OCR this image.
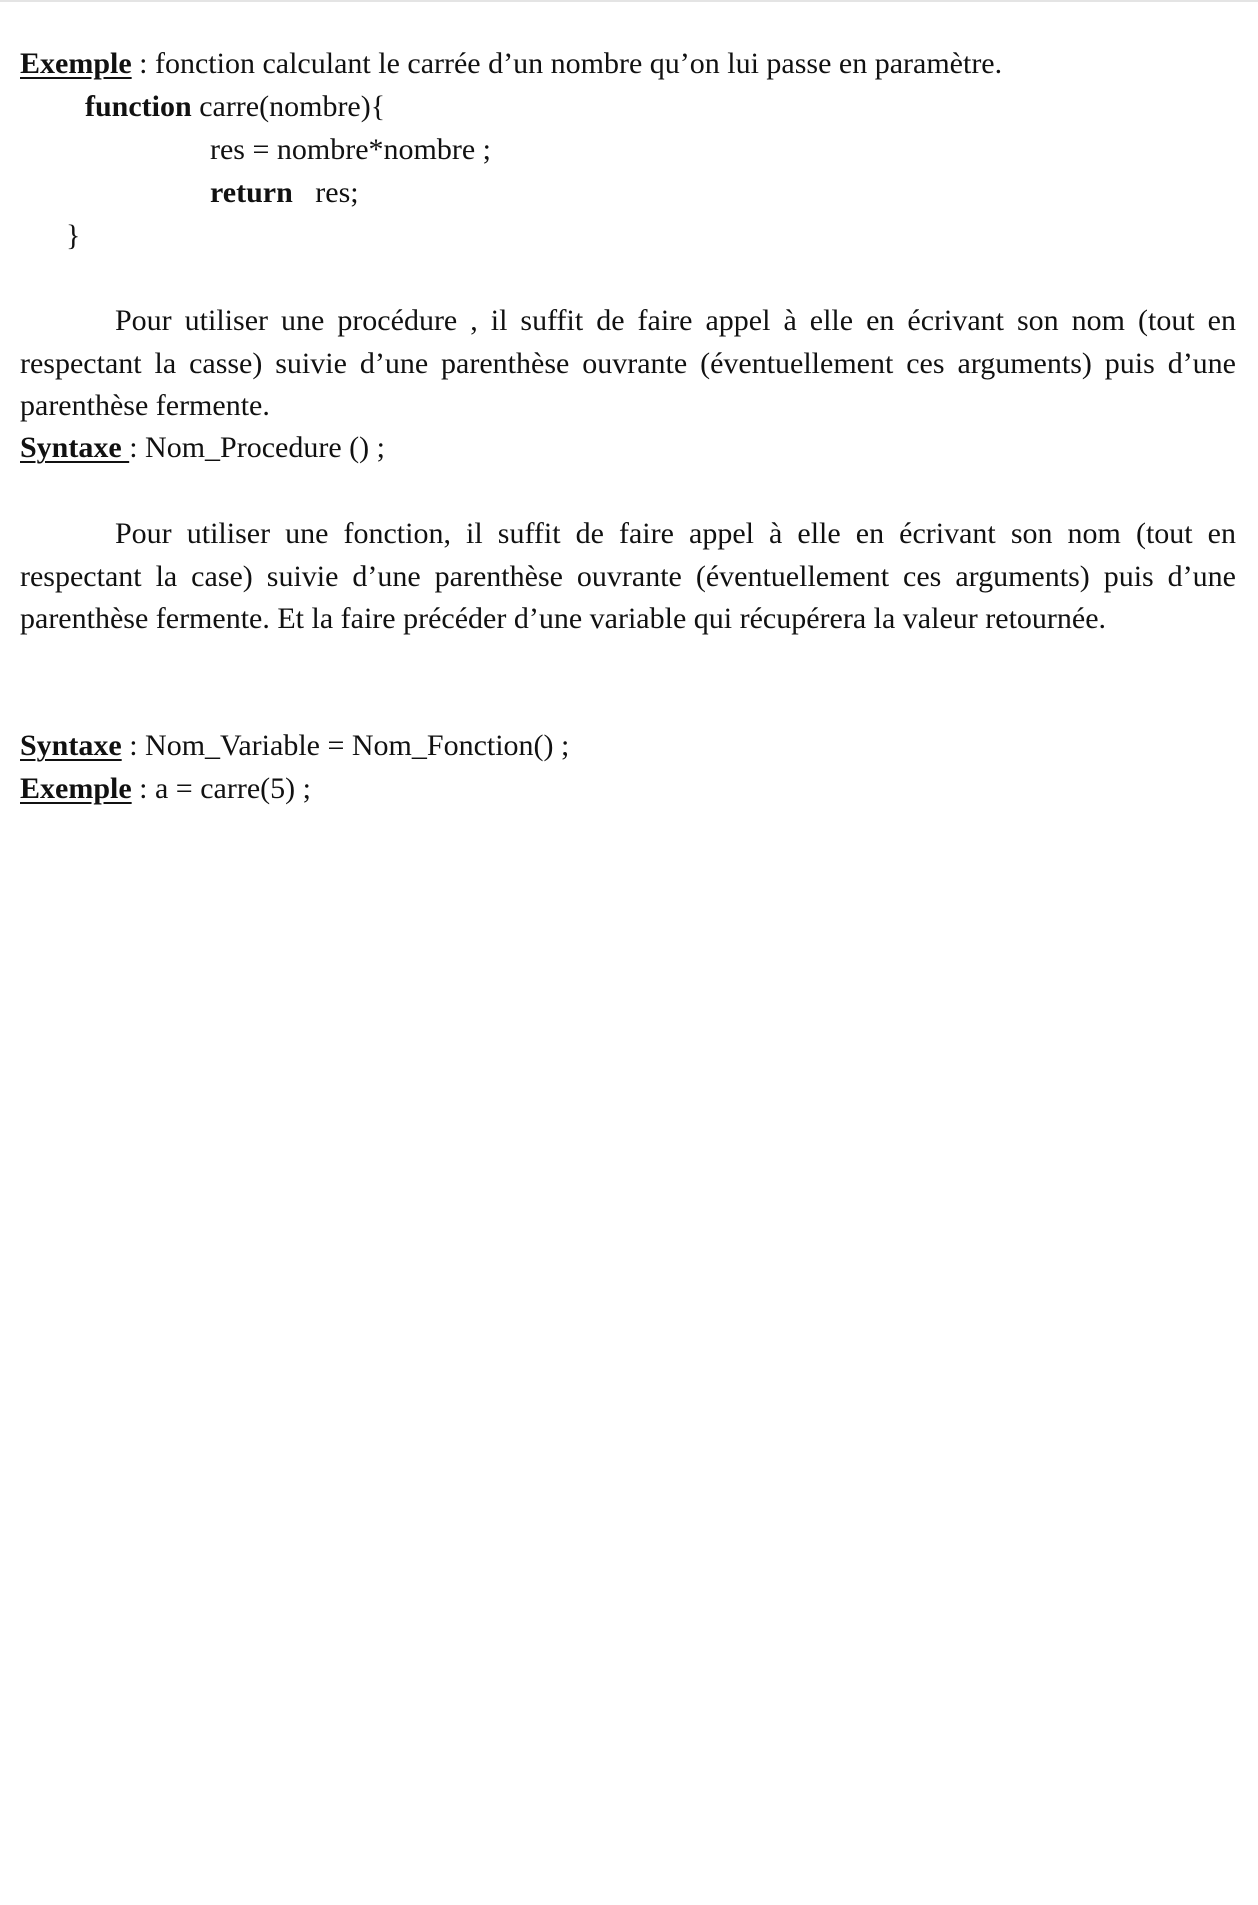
Exemple : fonction calculant le carrée d’un nombre qu’on lui passe en paramètre.
function carre(nombre){
res = nombre*nombre ;
return   res;
}
Pour utiliser une procédure , il suffit de faire appel à elle en écrivant son nom (tout en respectant la casse) suivie d’une parenthèse ouvrante (éventuellement ces arguments) puis d’une parenthèse fermente.
Syntaxe : Nom_Procedure () ;
Pour utiliser une fonction, il suffit de faire appel à elle en écrivant son nom (tout en respectant la case) suivie d’une parenthèse ouvrante (éventuellement ces arguments) puis d’une parenthèse fermente. Et la faire précéder d’une variable qui récupérera la valeur retournée.
Syntaxe : Nom_Variable = Nom_Fonction() ;
Exemple : a = carre(5) ;
